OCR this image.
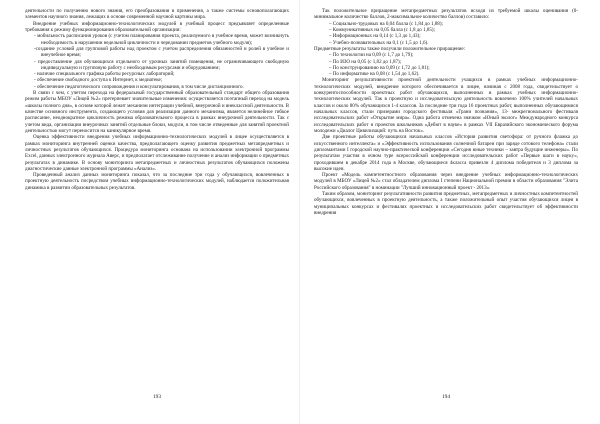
деятельности по полученню нового знания, его преобразования и применения, а также системы основополагающих элементов научного знания, лежащих в основе современной научной картины мира.

Внедрение учебных информационно-технологических модулей в учебный процесс предъявляет определенные требования к режиму функционирования образовательной организации:

- мобильность расписания уроков (с учетом планирования проекта, реализуемого в учебное время, может возникнуть необходимость в нарушении недельной цикличности и чередовании предметов учебного модуля);

-создание условий для групповой работы над проектом с учетом распределения обязанностей и ролей в учебное и внеучебное время;

- предоставление для обучающихся отдельного от урочных занятий помещения, не ограничивающего свободную индивидуальную и групповую работу с необходимым ресурсами и оборудованием;

- наличие специального графика работы ресурсных лабораторий;

- обеспечение свободного доступа к Интернет, к медиатеке;

- обеспечение педагогического сопровождения и консультирования, в том числе дистанционного.

В связи с чем, с учетом перехода на федеральный государственный образовательный стандарт общего образования режим работы МБОУ «Лицей №2» претерпевает значительные изменения: осуществляется поэтапный переход на модель «школы полного дня», в основе которой лежит механизм интеграции учебной, внеурочной и внеклассной деятельности. В качестве основного инструмента, создающего условия для реализации данного механизма, является нелинейное гибкое расписание, неоднократное цикличность режима образовательного процесса в рамках внеурочной деятельности. Так с учетом вида, организации внеурочных занятий отдельные блоки, модули, в том числе отведенные для занятий проектной деятельностью могут переносится на каникулярное время.

Оценка эффективности внедрения учебных информационно-технологических модулей в лицее осуществляется в рамках мониторинга внутренней оценки качества, предполагающего оценку развития предметных метапредметных и личностных результатов обучающихся. Процедура мониторинга основана на использовании электронной программы Excel, данных электронного журнала Аверс, и предполагает отслеживание получение и анализ информации о предметных результатах в динамике. В основу мониторинга метапредметных и личностных результатов обучающихся положены диагностические данные электронной программы «Анализ».

Проведенный анализ данных мониторинга показал, что за последние три года у обучающихся, вовлеченных в проектную деятельность посредством учебных информационно-технологических модулей, наблюдается положительная динамика в развитии образовательных результатов.

193

Так положительное приращение метапредметных результатов исходя из требуемой шкалы оценивания (0-минимальное количество баллов, 2-максимальное количество баллов) составило:

– Социально-трудовых на 0,04 балла (с 1,84 до 1,88);

– Коммуникативных на 0,05 балла (с 1,8 до 1,85);

– Информационных на 0,14 (с 1,3 до 1,43);

– Учебно-познавательных на 0,1 (с 1,5 до 1,6).

Предметные результаты также получили положительное приращение:

– По технологии на 0,09 (с 1,7 до 1,79);

– По ИЗО на 0,05 (с 1,82 до 1,87);

– По конструированию на 0,09 (с 1,72 до 1,81);

– По информатике на 0,08 (с 1,54 до 1,62).

Мониторинг результативности проектной деятельности учащихся в рамках учебных информационно-технологических модулей, внедрение которого обеспечивается в лицее, начиная с 2008 года, свидетельствует о конкурентоспособности проектных работ обучающихся, выполненных в рамках учебных информационно-технологических модулей. Так в проектную и исследовательскую деятельность вовлечено 100% учителей начальных классов и около 80% обучающихся 1-4 классов. За последние три года 16 проектных работ, выполненных обучающимися начальных классов, стали призерами городского фестиваля «Грани познания», 13- межрегионального фестиваля исследовательских работ «Открытие мира». Одна работа отмечена значком «Юный эколог» Международного конкурса исследовательских работ и проектов школьников «Дебют в науке» в рамках VII Евразийского экономического форума молодежи «Диалог Цивилизаций: путь на Восток».

Две проектные работы обучающихся начальных классов «История развития светофора: от ручного флажка до искусственного интеллекта» и «Эффективность использования солнечной батареи при заряде сотового телефона» стали дипломантами I городской научно-практической конференции «Сегодня юные техники – завтра будущие инженеры». По результатам участия в очном туре всероссийской конференции исследовательских работ «Первые шаги в науку», проходившем в декабре 2014 года в Москве, обучающиеся 4класса привезли 4 диплома победителя и 3 диплома за высокие идеи.

Проект «Модель компетентностного образования через внедрение учебных информационно-технологических модулей в МБОУ «Лицей №2» стал обладателем диплома I степени Национальной премии в области образования "Элита Российского образования" в номинации "Лучший инновационный проект - 2013».

Таким образом, мониторинг результативности развития предметных, метапредметных и личностных компетентностей обучающихся, вовлеченных в проектную деятельность, а также положительный опыт участия обучающихся лицея в муниципальных конкурсах и фестивалях проектных и исследовательских работ свидетельствует об эффективности внедрения

194
